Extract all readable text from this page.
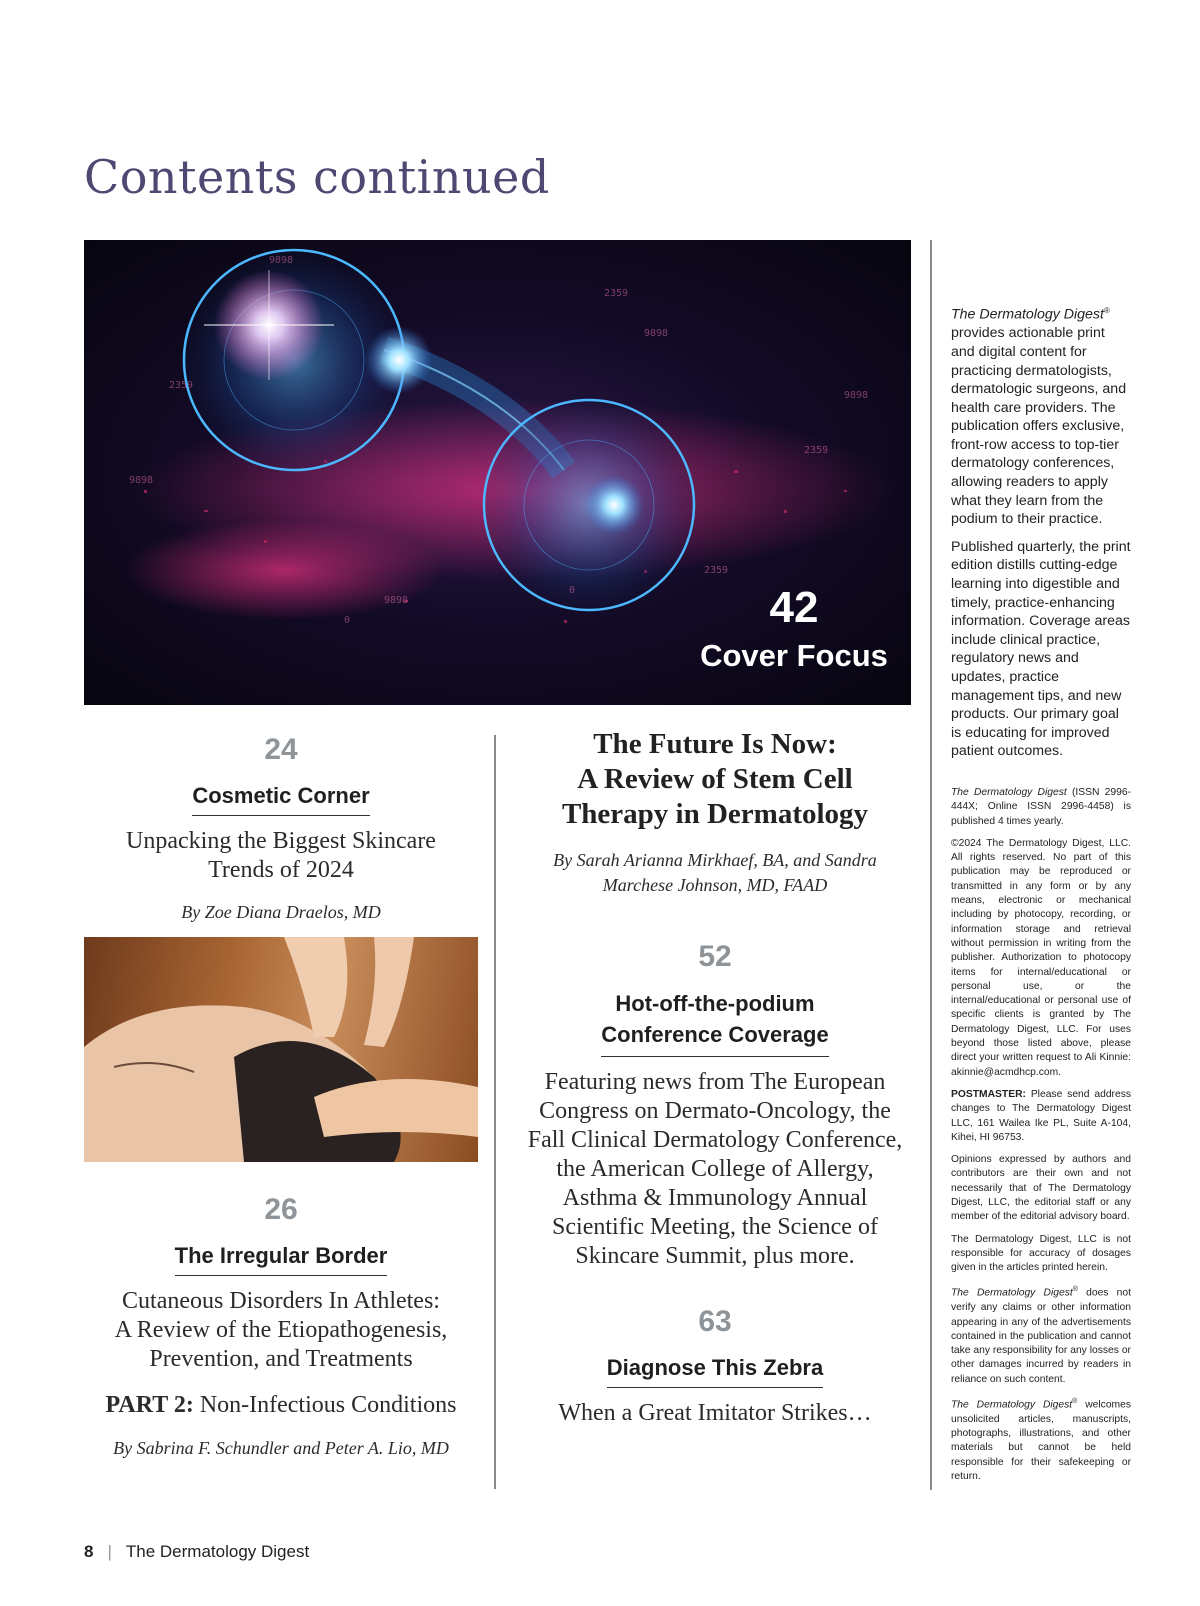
Contents continued
9898
2359
9898
2359
9898
9898
2359
9898
2359
0
0	42
Cover Focus
24
Cosmetic Corner
Unpacking the Biggest Skincare
Trends of 2024
By Zoe Diana Draelos, MD
26
The Irregular Border
Cutaneous Disorders In Athletes:
A Review of the Etiopathogenesis,
Prevention, and Treatments
PART 2: Non-Infectious Conditions
By Sabrina F. Schundler and Peter A. Lio, MD
The Future Is Now:
A Review of Stem Cell
Therapy in Dermatology
By Sarah Arianna Mirkhaef, BA, and Sandra
Marchese Johnson, MD, FAAD
52
Hot-off-the-podium
Conference Coverage
Featuring news from The European
Congress on Dermato-Oncology, the
Fall Clinical Dermatology Conference,
the American College of Allergy,
Asthma & Immunology Annual
Scientific Meeting, the Science of
Skincare Summit, plus more.
63
Diagnose This Zebra
When a Great Imitator Strikes…

The Dermatology Digest® provides actionable print and digital content for practicing dermatologists, dermatologic surgeons, and health care providers. The publication offers exclusive, front-row access to top-tier dermatology conferences, allowing readers to apply what they learn from the podium to their practice.

Published quarterly, the print edition distills cutting-edge learning into digestible and timely, practice-enhancing information. Coverage areas include clinical practice, regulatory news and updates, practice management tips, and new products. Our primary goal is educating for improved patient outcomes.

The Dermatology Digest (ISSN 2996-444X; Online ISSN 2996-4458) is published 4 times yearly.

©2024 The Dermatology Digest, LLC. All rights reserved. No part of this publication may be reproduced or transmitted in any form or by any means, electronic or mechanical including by photocopy, recording, or information storage and retrieval without permission in writing from the publisher. Authorization to photocopy items for internal/educational or personal use, or the internal/educational or personal use of specific clients is granted by The Dermatology Digest, LLC. For uses beyond those listed above, please direct your written request to Ali Kinnie: akinnie@acmdhcp.com.

POSTMASTER: Please send address changes to The Dermatology Digest LLC, 161 Wailea Ike PL, Suite A-104, Kihei, HI 96753.

Opinions expressed by authors and contributors are their own and not necessarily that of The Dermatology Digest, LLC, the editorial staff or any member of the editorial advisory board.

The Dermatology Digest, LLC is not responsible for accuracy of dosages given in the articles printed herein.

The Dermatology Digest® does not verify any claims or other information appearing in any of the advertisements contained in the publication and cannot take any responsibility for any losses or other damages incurred by readers in reliance on such content.

The Dermatology Digest® welcomes unsolicited articles, manuscripts, photographs, illustrations, and other materials but cannot be held responsible for their safekeeping or return.

8 | The Dermatology Digest
